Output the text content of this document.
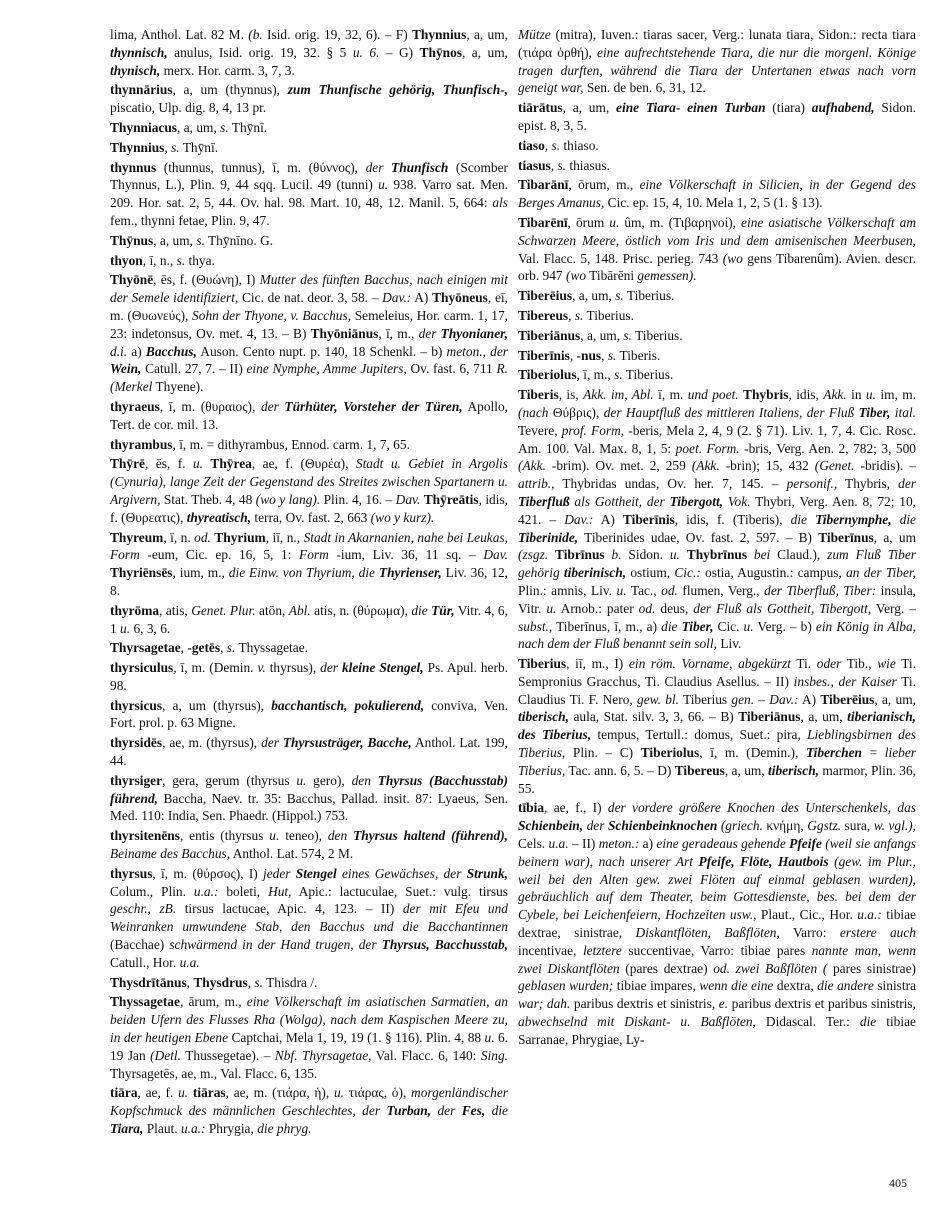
lima, Anthol. Lat. 82 M. (b. Isid. orig. 19, 32, 6). – F) Thynnius, a, um, thynnisch, anulus, Isid. orig. 19, 32. § 5 u. 6. – G) Thȳnos, a, um, thynisch, merx. Hor. carm. 3, 7, 3.
thynnārius, a, um (thynnus), zum Thunfische gehörig, Thunfisch-, piscatio, Ulp. dig. 8, 4, 13 pr.
Thynniacus, a, um, s. Thȳnī.
Thynnius, s. Thȳnī.
thynnus (thunnus, tunnus), ī, m. (θύννος), der Thunfisch (Scomber Thynnus, L.), Plin. 9, 44 sqq. Lucil. 49 (tunni) u. 938. Varro sat. Men. 209. Hor. sat. 2, 5, 44. Ov. hal. 98. Mart. 10, 48, 12. Manil. 5, 664: als fem., thynni fetae, Plin. 9, 47.
Thȳnus, a, um, s. Thȳnīno. G.
thyon, ī, n., s. thya.
Thyōnē, ēs, f. (Θυώνη), I) Mutter des fünften Bacchus, nach einigen mit der Semele identifiziert, Cic. de nat. deor. 3, 58. – Dav.: A) Thyōneus, eī, m. (Θυωνεύς), Sohn der Thyone, v. Bacchus, Semeleius, Hor. carm. 1, 17, 23: indetonsus, Ov. met. 4, 13. – B) Thyōniānus, ī, m., der Thyonianer, d.i. a) Bacchus, Auson. Cento nupt. p. 140, 18 Schenkl. – b) meton., der Wein, Catull. 27, 7. – II) eine Nymphe, Amme Jupiters, Ov. fast. 6, 711 R. (Merkel Thyene).
thyraeus, ī, m. (θυραιος), der Türhüter, Vorsteher der Türen, Apollo, Tert. de cor. mil. 13.
thyrambus, ī, m. = dithyrambus, Ennod. carm. 1, 7, 65.
Thȳrē, ēs, f. u. Thȳrea, ae, f. (Θυρέα), Stadt u. Gebiet in Argolis (Cynuria), lange Zeit der Gegenstand des Streites zwischen Spartanern u. Argivern, Stat. Theb. 4, 48 (wo y lang). Plin. 4, 16. – Dav. Thȳreātis, idis, f. (Θυρεατις), thyreatisch, terra, Ov. fast. 2, 663 (wo y kurz).
Thyreum, ī, n. od. Thyrium, iī, n., Stadt in Akarnanien, nahe bei Leukas, Form -eum, Cic. ep. 16, 5, 1: Form -ium, Liv. 36, 11 sq. – Dav. Thyriēnsēs, ium, m., die Einw. von Thyrium, die Thyrienser, Liv. 36, 12, 8.
thyrōma, atis, Genet. Plur. atōn, Abl. atis, n. (θύρωμα), die Tür, Vitr. 4, 6, 1 u. 6, 3, 6.
Thyrsagetae, -getēs, s. Thyssagetae.
thyrsiculus, ī, m. (Demin. v. thyrsus), der kleine Stengel, Ps. Apul. herb. 98.
thyrsicus, a, um (thyrsus), bacchantisch, pokulierend, conviva, Ven. Fort. prol. p. 63 Migne.
thyrsidēs, ae, m. (thyrsus), der Thyrsusträger, Bacche, Anthol. Lat. 199, 44.
thyrsiger, gera, gerum (thyrsus u. gero), den Thyrsus (Bacchusstab) führend, Baccha, Naev. tr. 35: Bacchus, Pallad. insit. 87: Lyaeus, Sen. Med. 110: India, Sen. Phaedr. (Hippol.) 753.
thyrsitenēns, entis (thyrsus u. teneo), den Thyrsus haltend (führend), Beiname des Bacchus, Anthol. Lat. 574, 2 M.
thyrsus, ī, m. (θύρσος), I) jeder Stengel eines Gewächses, der Strunk, Colum., Plin. u.a.: boleti, Hut, Apic.: lactuculae, Suet.: vulg. tirsus geschr., zB. tirsus lactucae, Apic. 4, 123. – II) der mit Efeu und Weinranken umwundene Stab, den Bacchus und die Bacchantinnen (Bacchae) schwärmend in der Hand trugen, der Thyrsus, Bacchusstab, Catull., Hor. u.a.
Thysdrītānus, Thysdrus, s. Thisdra /.
Thyssagetae, ārum, m., eine Völkerschaft im asiatischen Sarmatien, an beiden Ufern des Flusses Rha (Wolga), nach dem Kaspischen Meere zu, in der heutigen Ebene Captchai, Mela 1, 19, 19 (1. § 116). Plin. 4, 88 u. 6. 19 Jan (Detl. Thussegetae). – Nbf. Thyrsagetae, Val. Flacc. 6, 140: Sing. Thyrsagetēs, ae, m., Val. Flacc. 6, 135.
tiāra, ae, f. u. tiāras, ae, m. (τιάρα, ἡ), u. τιάρας, ὁ), morgenländischer Kopfschmuck des männlichen Geschlechtes, der Turban, der Fes, die Tiara, Plaut. u.a.: Phrygia, die phryg.
Mütze (mitra), Iuven.: tiaras sacer, Verg.: lunata tiara, Sidon.: recta tiara (τιάρα ὀρθή), eine aufrechtstehende Tiara, die nur die morgenl. Könige tragen durften, während die Tiara der Untertanen etwas nach vorn geneigt war, Sen. de ben. 6, 31, 12.
tiārātus, a, um, eine Tiara- einen Turban (tiara) aufhabend, Sidon. epist. 8, 3, 5.
tiaso, s. thiaso.
tiasus, s. thiasus.
Tibarānī, ōrum, m., eine Völkerschaft in Silicien, in der Gegend des Berges Amanus, Cic. ep. 15, 4, 10. Mela 1, 2, 5 (1. § 13).
Tibarēnī, ōrum u. ûm, m. (Τιβαρηνοί), eine asiatische Völkerschaft am Schwarzen Meere, östlich vom Iris und dem amisenischen Meerbusen, Val. Flacc. 5, 148. Prisc. perieg. 743 (wo gens Tibarenûm). Avien. descr. orb. 947 (wo Tibārēni gemessen).
Tiberēius, a, um, s. Tiberius.
Tibereus, s. Tiberius.
Tiberiānus, a, um, s. Tiberius.
Tiberīnis, -nus, s. Tiberis.
Tiberiolus, ī, m., s. Tiberius.
Tiberis, is, Akk. im, Abl. ī, m. und poet. Thybris, idis, Akk. in u. im, m. (nach Θύβρις), der Hauptfluß des mittleren Italiens, der Fluß Tiber, ital. Tevere, prof. Form, -beris, Mela 2, 4, 9 (2. § 71). Liv. 1, 7, 4. Cic. Rosc. Am. 100. Val. Max. 8, 1, 5: poet. Form. -bris, Verg. Aen. 2, 782; 3, 500 (Akk. -brim). Ov. met. 2, 259 (Akk. -brin); 15, 432 (Genet. -bridis). – attrib., Thybridas undas, Ov. her. 7, 145. – personif., Thybris, der Tiberfluß als Gottheit, der Tibergott, Vok. Thybri, Verg. Aen. 8, 72; 10, 421. – Dav.: A) Tiberīnis, idis, f. (Tiberis), die Tibernymphe, die Tiberinide, Tiberinides udae, Ov. fast. 2, 597. – B) Tiberīnus, a, um (zsgz. Tibrīnus b. Sidon. u. Thybrīnus bei Claud.), zum Fluß Tiber gehörig tiberinisch, ostium, Cic.: ostia, Augustin.: campus, an der Tiber, Plin.: amnis, Liv. u. Tac., od. flumen, Verg., der Tiberfluß, Tiber: insula, Vitr. u. Arnob.: pater od. deus, der Fluß als Gottheit, Tibergott, Verg. – subst., Tiberīnus, ī, m., a) die Tiber, Cic. u. Verg. – b) ein König in Alba, nach dem der Fluß benannt sein soll, Liv.
Tiberius, iī, m., I) ein röm. Vorname, abgekürzt Ti. oder Tib., wie Ti. Sempronius Gracchus, Ti. Claudius Asellus. – II) insbes., der Kaiser Ti. Claudius Ti. F. Nero, gew. bl. Tiberius gen. – Dav.: A) Tiberēius, a, um, tiberisch, aula, Stat. silv. 3, 3, 66. – B) Tiberiānus, a, um, tiberianisch, des Tiberius, tempus, Tertull.: domus, Suet.: pira, Lieblingsbirnen des Tiberius, Plin. – C) Tiberiolus, ī, m. (Demin.), Tiberchen = lieber Tiberius, Tac. ann. 6, 5. – D) Tibereus, a, um, tiberisch, marmor, Plin. 36, 55.
tībia, ae, f., I) der vordere größere Knochen des Unterschenkels, das Schienbein, der Schienbeinknochen (griech. κνήμη, Ggstz. sura, w. vgl.), Cels. u.a. – II) meton.: a) eine geradeaus gehende Pfeife (weil sie anfangs beinern war), nach unserer Art Pfeife, Flöte, Hautbois (gew. im Plur., weil bei den Alten gew. zwei Flöten auf einmal geblasen wurden), gebräuchlich auf dem Theater, beim Gottesdienste, bes. bei dem der Cybele, bei Leichenfeiern, Hochzeiten usw., Plaut., Cic., Hor. u.a.: tibiae dextrae, sinistrae, Diskantflöten, Baßflöten, Varro: erstere auch incentivae, letztere succentivae, Varro: tibiae pares nannte man, wenn zwei Diskantflöten (pares dextrae) od. zwei Baßflöten ( pares sinistrae) geblasen wurden; tibiae impares, wenn die eine dextra, die andere sinistra war; dah. paribus dextris et sinistris, e. paribus dextris et paribus sinistris, abwechselnd mit Diskant- u. Baßflöten, Didascal. Ter.: die tibiae Sarranae, Phrygiae, Ly-
405
